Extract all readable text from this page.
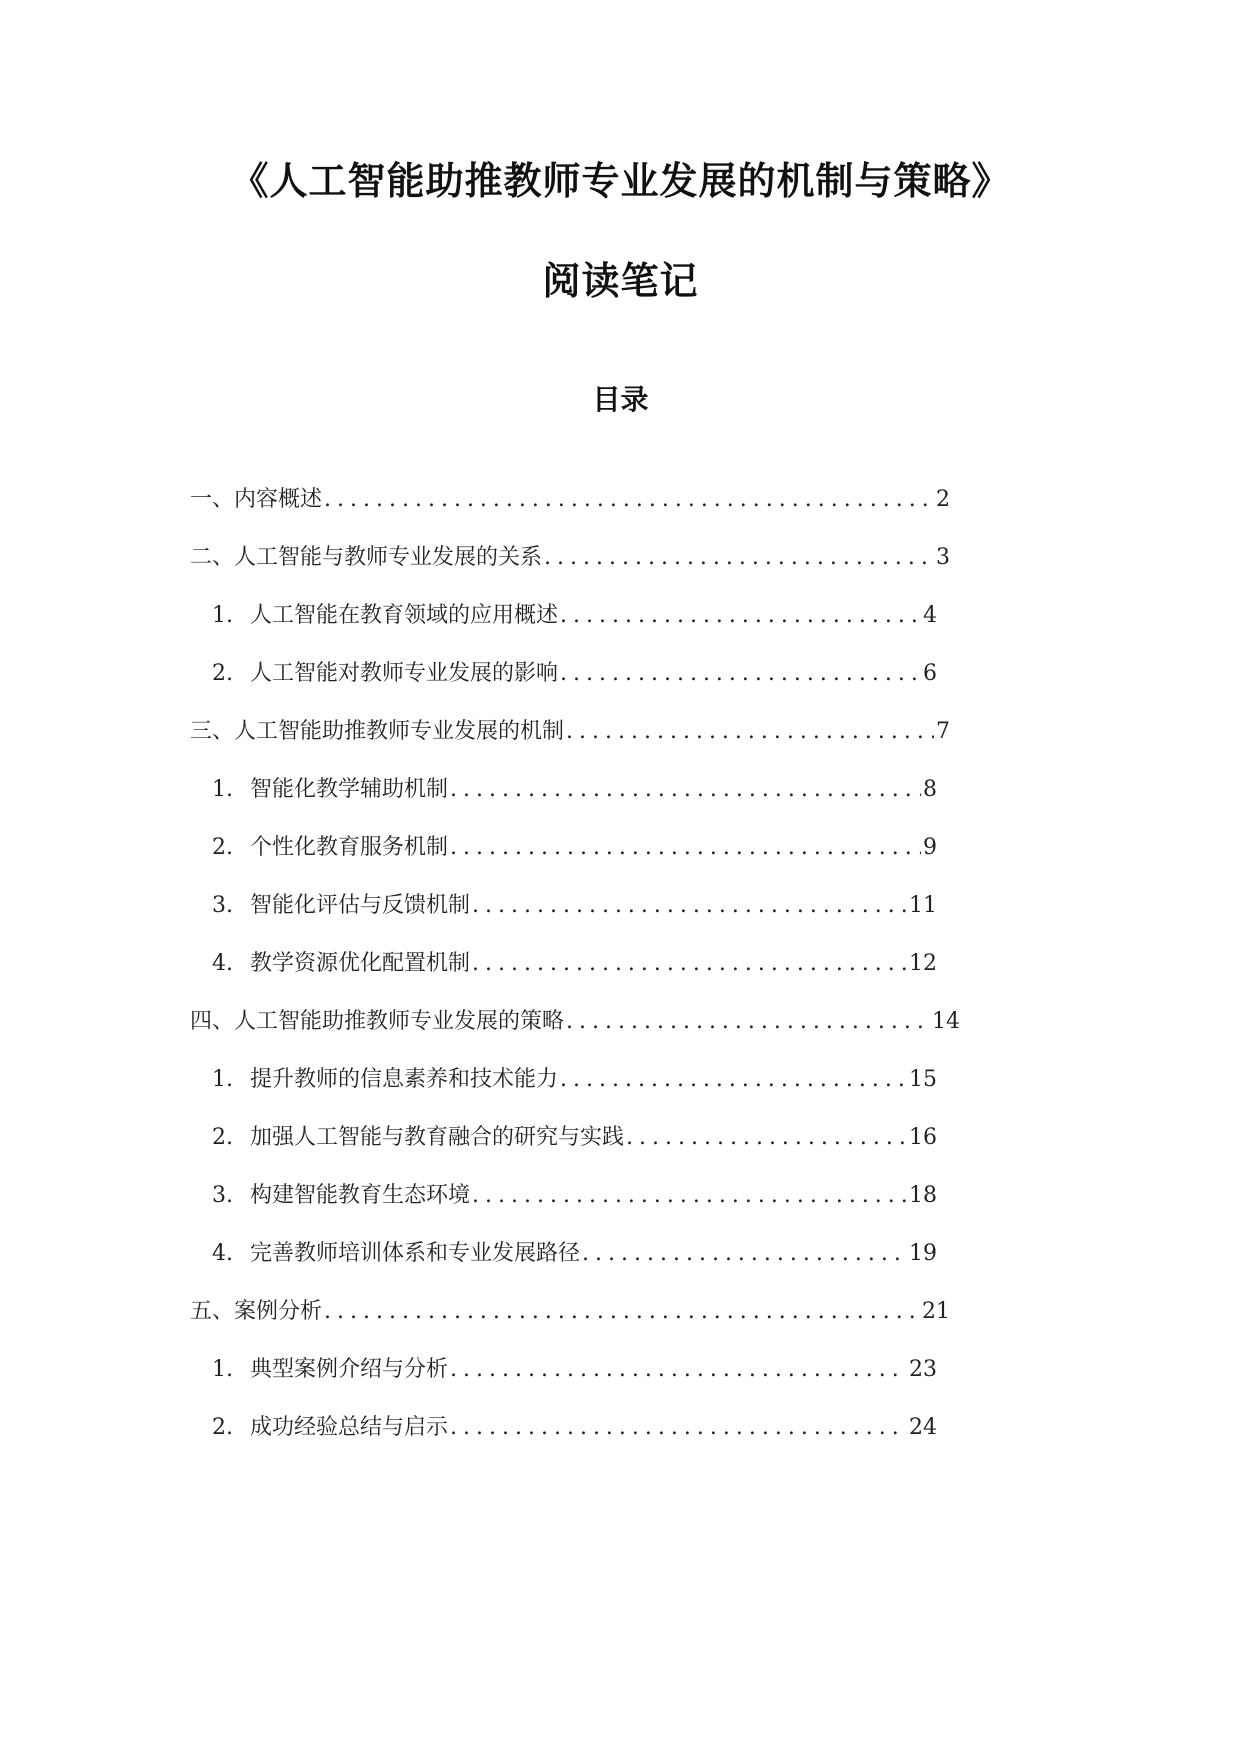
《人工智能助推教师专业发展的机制与策略》
阅读笔记
目录
一、内容概述 .....	2
二、人工智能与教师专业发展的关系 .....	3
1. 人工智能在教育领域的应用概述 .....	4
2. 人工智能对教师专业发展的影响 .....	6
三、人工智能助推教师专业发展的机制 .....	7
1. 智能化教学辅助机制 .....	8
2. 个性化教育服务机制 .....	9
3. 智能化评估与反馈机制 .....	11
4. 教学资源优化配置机制 .....	12
四、人工智能助推教师专业发展的策略 .....	14
1. 提升教师的信息素养和技术能力 .....	15
2. 加强人工智能与教育融合的研究与实践 .....	16
3. 构建智能教育生态环境 .....	18
4. 完善教师培训体系和专业发展路径 .....	19
五、案例分析 .....	21
1. 典型案例介绍与分析 .....	23
2. 成功经验总结与启示 .....	24
